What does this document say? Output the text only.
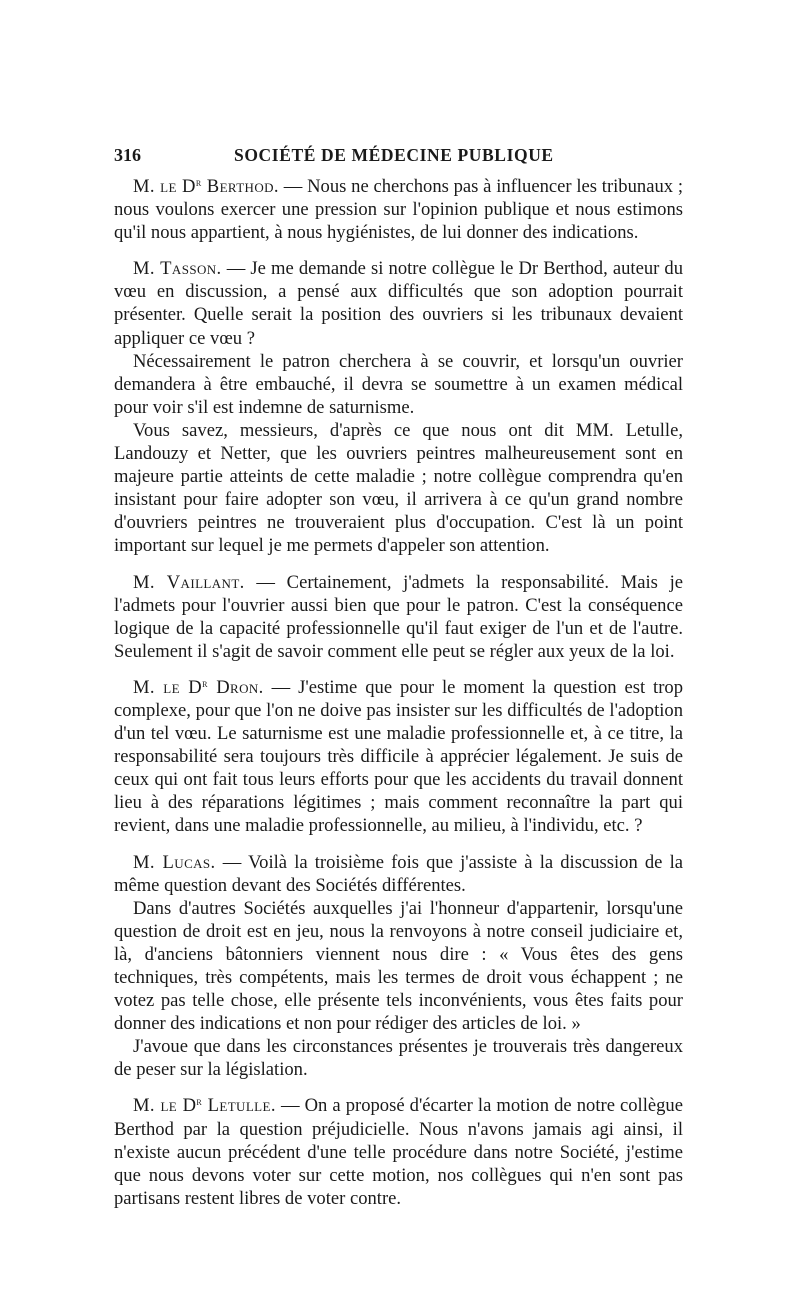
316	SOCIÉTÉ DE MÉDECINE PUBLIQUE

M. le $D^r$ Berthod. — Nous ne cherchons pas à influencer les tribunaux ; nous voulons exercer une pression sur l'opinion publique et nous estimons qu'il nous appartient, à nous hygiénistes, de lui donner des indications.

M. Tasson. — Je me demande si notre collègue le Dr Berthod, auteur du vœu en discussion, a pensé aux difficultés que son adoption pourrait présenter. Quelle serait la position des ouvriers si les tribunaux devaient appliquer ce vœu ?

Nécessairement le patron cherchera à se couvrir, et lorsqu'un ouvrier demandera à être embauché, il devra se soumettre à un examen médical pour voir s'il est indemne de saturnisme.

Vous savez, messieurs, d'après ce que nous ont dit MM. Letulle, Landouzy et Netter, que les ouvriers peintres malheureusement sont en majeure partie atteints de cette maladie ; notre collègue comprendra qu'en insistant pour faire adopter son vœu, il arrivera à ce qu'un grand nombre d'ouvriers peintres ne trouveraient plus d'occupation. C'est là un point important sur lequel je me permets d'appeler son attention.

M. Vaillant. — Certainement, j'admets la responsabilité. Mais je l'admets pour l'ouvrier aussi bien que pour le patron. C'est la conséquence logique de la capacité professionnelle qu'il faut exiger de l'un et de l'autre. Seulement il s'agit de savoir comment elle peut se régler aux yeux de la loi.

M. le $D^r$ Dron. — J'estime que pour le moment la question est trop complexe, pour que l'on ne doive pas insister sur les difficultés de l'adoption d'un tel vœu. Le saturnisme est une maladie professionnelle et, à ce titre, la responsabilité sera toujours très difficile à apprécier légalement. Je suis de ceux qui ont fait tous leurs efforts pour que les accidents du travail donnent lieu à des réparations légitimes ; mais comment reconnaître la part qui revient, dans une maladie professionnelle, au milieu, à l'individu, etc. ?

M. Lucas. — Voilà la troisième fois que j'assiste à la discussion de la même question devant des Sociétés différentes.

Dans d'autres Sociétés auxquelles j'ai l'honneur d'appartenir, lorsqu'une question de droit est en jeu, nous la renvoyons à notre conseil judiciaire et, là, d'anciens bâtonniers viennent nous dire : « Vous êtes des gens techniques, très compétents, mais les termes de droit vous échappent ; ne votez pas telle chose, elle présente tels inconvénients, vous êtes faits pour donner des indications et non pour rédiger des articles de loi. »

J'avoue que dans les circonstances présentes je trouverais très dangereux de peser sur la législation.

M. le $D^r$ Letulle. — On a proposé d'écarter la motion de notre collègue Berthod par la question préjudicielle. Nous n'avons jamais agi ainsi, il n'existe aucun précédent d'une telle procédure dans notre Société, j'estime que nous devons voter sur cette motion, nos collègues qui n'en sont pas partisans restent libres de voter contre.
